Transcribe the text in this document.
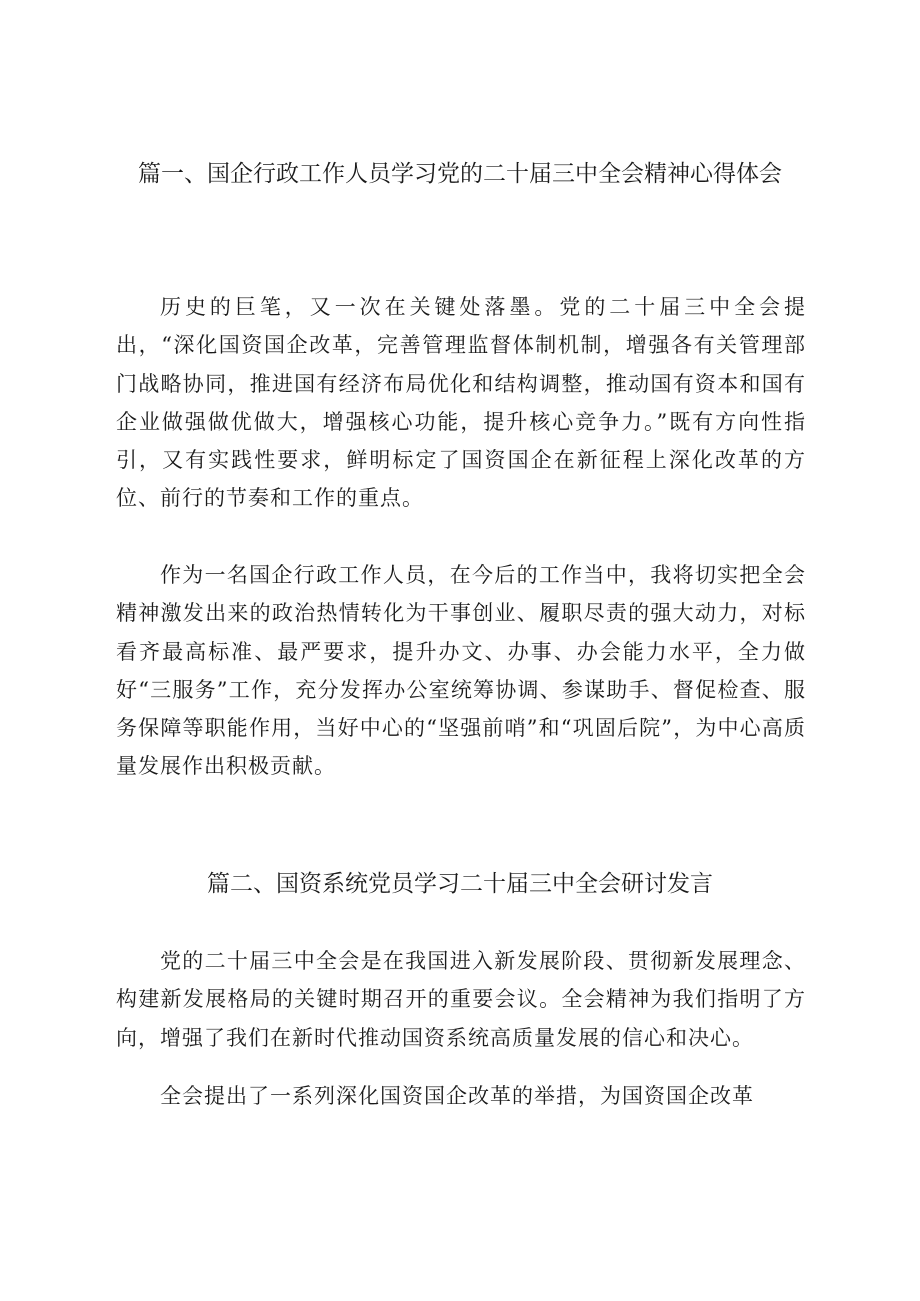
篇一、国企行政工作人员学习党的二十届三中全会精神心得体会

历史的巨笔，又一次在关键处落墨。党的二十届三中全会提出，“深化国资国企改革，完善管理监督体制机制，增强各有关管理部门战略协同，推进国有经济布局优化和结构调整，推动国有资本和国有企业做强做优做大，增强核心功能，提升核心竞争力。”既有方向性指引，又有实践性要求，鲜明标定了国资国企在新征程上深化改革的方位、前行的节奏和工作的重点。

作为一名国企行政工作人员，在今后的工作当中，我将切实把全会精神激发出来的政治热情转化为干事创业、履职尽责的强大动力，对标看齐最高标准、最严要求，提升办文、办事、办会能力水平，全力做好“三服务”工作，充分发挥办公室统筹协调、参谋助手、督促检查、服务保障等职能作用，当好中心的“坚强前哨”和“巩固后院”，为中心高质量发展作出积极贡献。

篇二、国资系统党员学习二十届三中全会研讨发言

党的二十届三中全会是在我国进入新发展阶段、贯彻新发展理念、构建新发展格局的关键时期召开的重要会议。全会精神为我们指明了方向，增强了我们在新时代推动国资系统高质量发展的信心和决心。

全会提出了一系列深化国资国企改革的举措，为国资国企改革
